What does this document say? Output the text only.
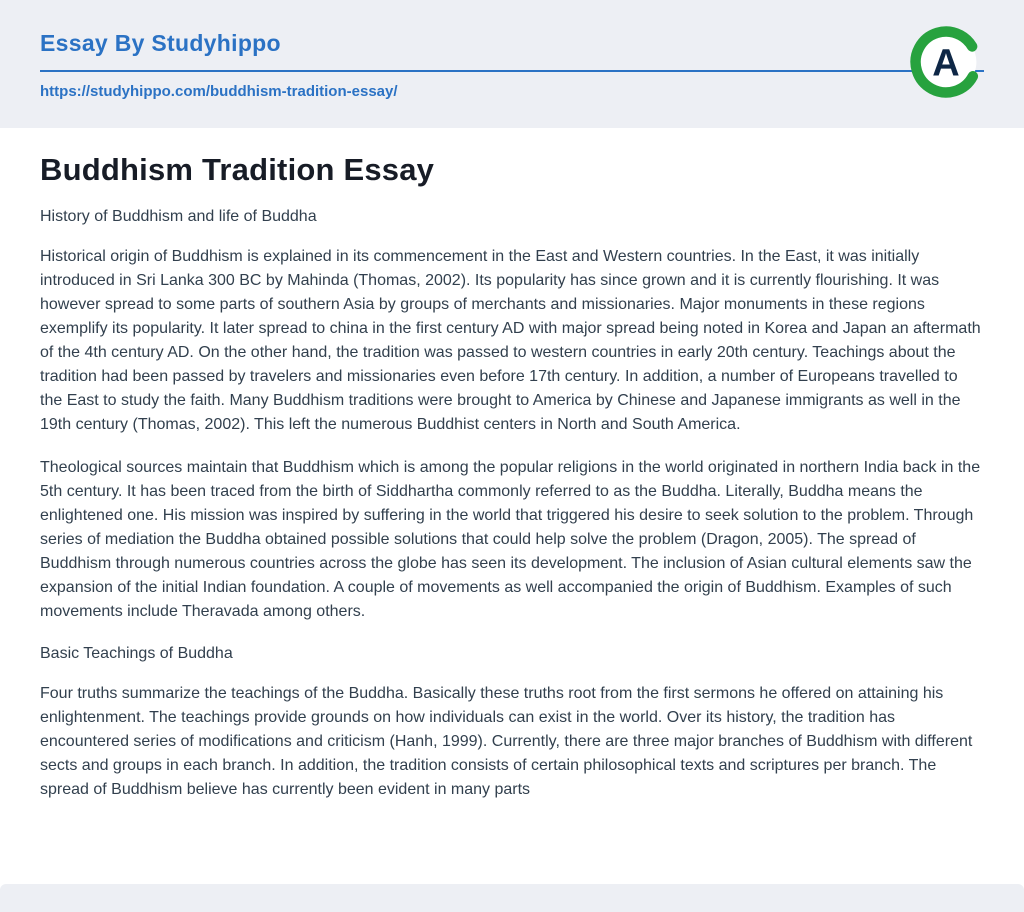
Essay By Studyhippo
https://studyhippo.com/buddhism-tradition-essay/
A
Buddhism Tradition Essay

History of Buddhism and life of Buddha

Historical origin of Buddhism is explained in its commencement in the East and Western countries. In the East, it was initially introduced in Sri Lanka 300 BC by Mahinda (Thomas, 2002). Its popularity has since grown and it is currently flourishing. It was however spread to some parts of southern Asia by groups of merchants and missionaries. Major monuments in these regions exemplify its popularity. It later spread to china in the first century AD with major spread being noted in Korea and Japan an aftermath of the 4th century AD. On the other hand, the tradition was passed to western countries in early 20th century. Teachings about the tradition had been passed by travelers and missionaries even before 17th century. In addition, a number of Europeans travelled to the East to study the faith. Many Buddhism traditions were brought to America by Chinese and Japanese immigrants as well in the 19th century (Thomas, 2002). This left the numerous Buddhist centers in North and South America.

Theological sources maintain that Buddhism which is among the popular religions in the world originated in northern India back in the 5th century. It has been traced from the birth of Siddhartha commonly referred to as the Buddha. Literally, Buddha means the enlightened one. His mission was inspired by suffering in the world that triggered his desire to seek solution to the problem. Through series of mediation the Buddha obtained possible solutions that could help solve the problem (Dragon, 2005). The spread of Buddhism through numerous countries across the globe has seen its development. The inclusion of Asian cultural elements saw the expansion of the initial Indian foundation. A couple of movements as well accompanied the origin of Buddhism. Examples of such movements include Theravada among others.

Basic Teachings of Buddha

Four truths summarize the teachings of the Buddha. Basically these truths root from the first sermons he offered on attaining his enlightenment. The teachings provide grounds on how individuals can exist in the world. Over its history, the tradition has encountered series of modifications and criticism (Hanh, 1999). Currently, there are three major branches of Buddhism with different sects and groups in each branch. In addition, the tradition consists of certain philosophical texts and scriptures per branch. The spread of Buddhism believe has currently been evident in many parts
